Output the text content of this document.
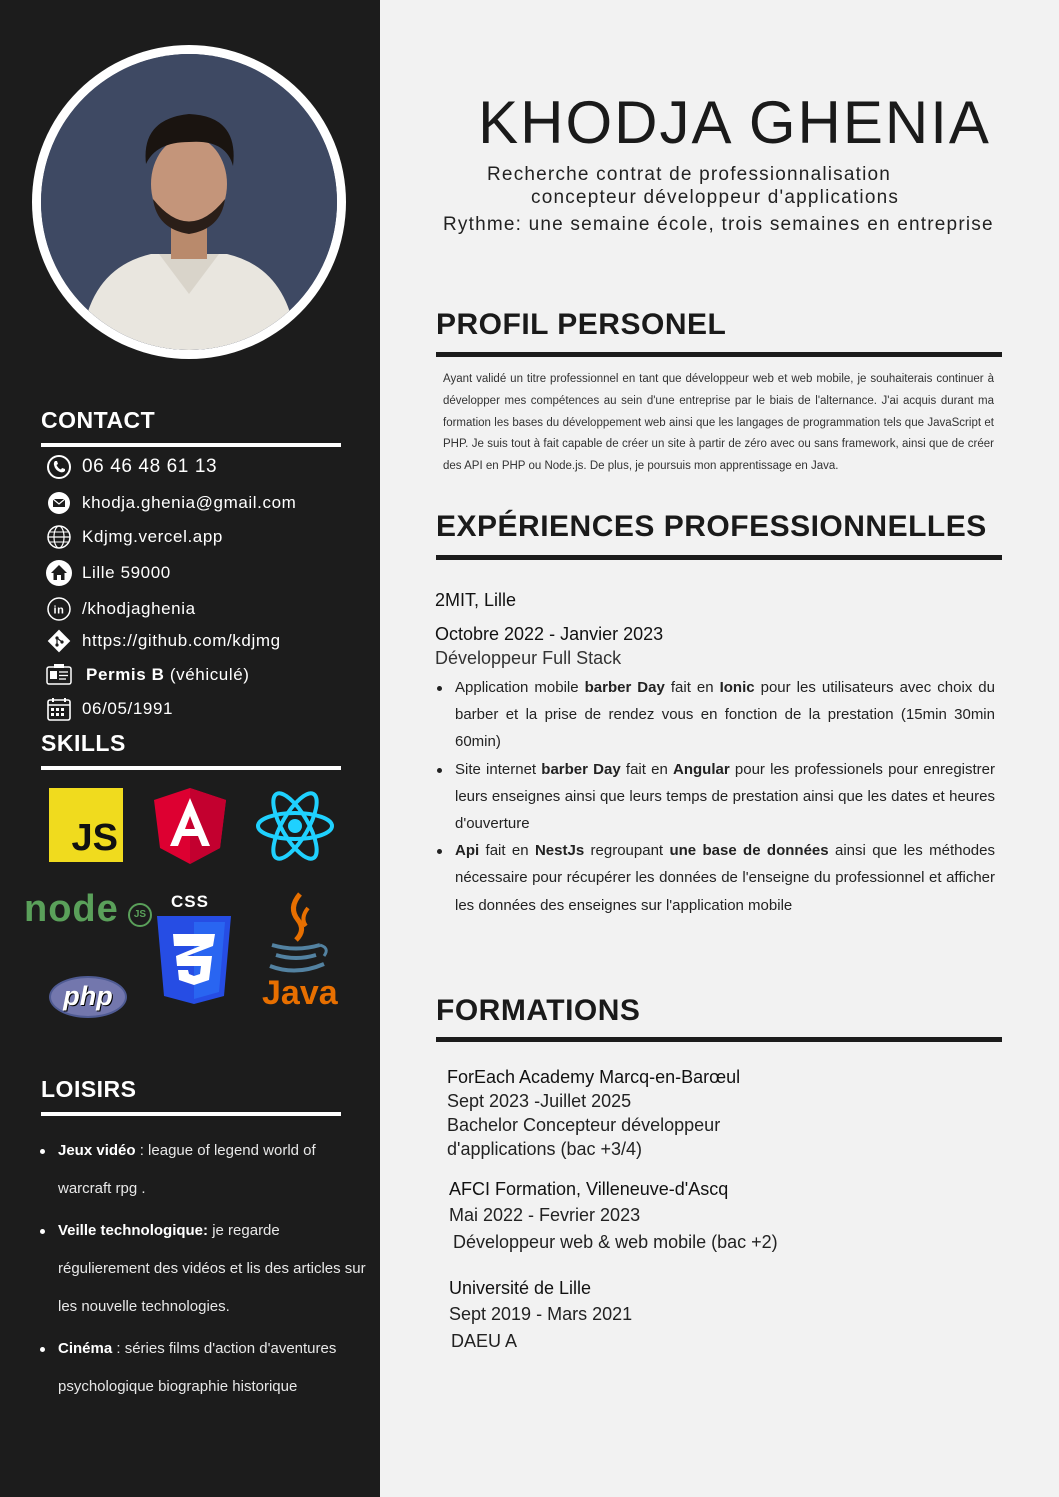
CONTACT
06 46 48 61 13
khodja.ghenia@gmail.com
Kdjmg.vercel.app
Lille 59000
in /khodjaghenia
https://github.com/kdjmg
Permis B (véhiculé)
06/05/1991
SKILLS
JS
node	JS
CSS
Java
php
LOISIRS
Jeux vidéo : league of legend world of warcraft rpg .
Veille technologique: je regarde régulierement des vidéos et lis des articles sur les nouvelle technologies.
Cinéma : séries films d'action d'aventures psychologique biographie historique
KHODJA GHENIA
Recherche contrat de professionnalisation
concepteur développeur d'applications
Rythme: une semaine école, trois semaines en entreprise
PROFIL PERSONEL
Ayant validé un titre professionnel en tant que développeur web et web mobile, je souhaiterais continuer à développer mes compétences au sein d'une entreprise par le biais de l'alternance. J'ai acquis durant ma formation les bases du développement web ainsi que les langages de programmation tels que JavaScript et PHP. Je suis tout à fait capable de créer un site à partir de zéro avec ou sans framework, ainsi que de créer des API en PHP ou Node.js. De plus, je poursuis mon apprentissage en Java.
EXPÉRIENCES PROFESSIONNELLES
2MIT, Lille
Octobre 2022 - Janvier 2023
Développeur Full Stack
Application mobile barber Day fait en Ionic pour les utilisateurs avec choix du barber et la prise de rendez vous en fonction de la prestation (15min 30min 60min)
Site internet barber Day fait en Angular pour les professionels pour enregistrer leurs enseignes ainsi que leurs temps de prestation ainsi que les dates et heures d'ouverture
Api fait en NestJs regroupant une base de données ainsi que les méthodes nécessaire pour récupérer les données de l'enseigne du professionnel et afficher les données des enseignes sur l'application mobile
FORMATIONS
ForEach Academy Marcq-en-Barœul
Sept 2023 -Juillet 2025
Bachelor Concepteur développeur
d'applications (bac +3/4)
AFCI Formation, Villeneuve-d'Ascq
Mai 2022 - Fevrier 2023
Développeur web & web mobile (bac +2)
Université de Lille
Sept 2019 - Mars 2021
DAEU A
